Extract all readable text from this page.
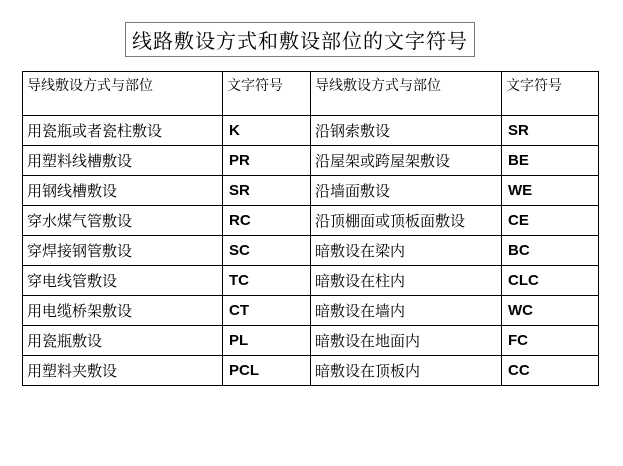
线路敷设方式和敷设部位的文字符号
导线敷设方式与部位	文字符号	导线敷设方式与部位	文字符号
用瓷瓶或者瓷柱敷设	K	沿钢索敷设	SR
用塑料线槽敷设	PR	沿屋架或跨屋架敷设	BE
用钢线槽敷设	SR	沿墙面敷设	WE
穿水煤气管敷设	RC	沿顶棚面或顶板面敷设	CE
穿焊接钢管敷设	SC	暗敷设在梁内	BC
穿电线管敷设	TC	暗敷设在柱内	CLC
用电缆桥架敷设	CT	暗敷设在墙内	WC
用瓷瓶敷设	PL	暗敷设在地面内	FC
用塑料夹敷设	PCL	暗敷设在顶板内	CC
